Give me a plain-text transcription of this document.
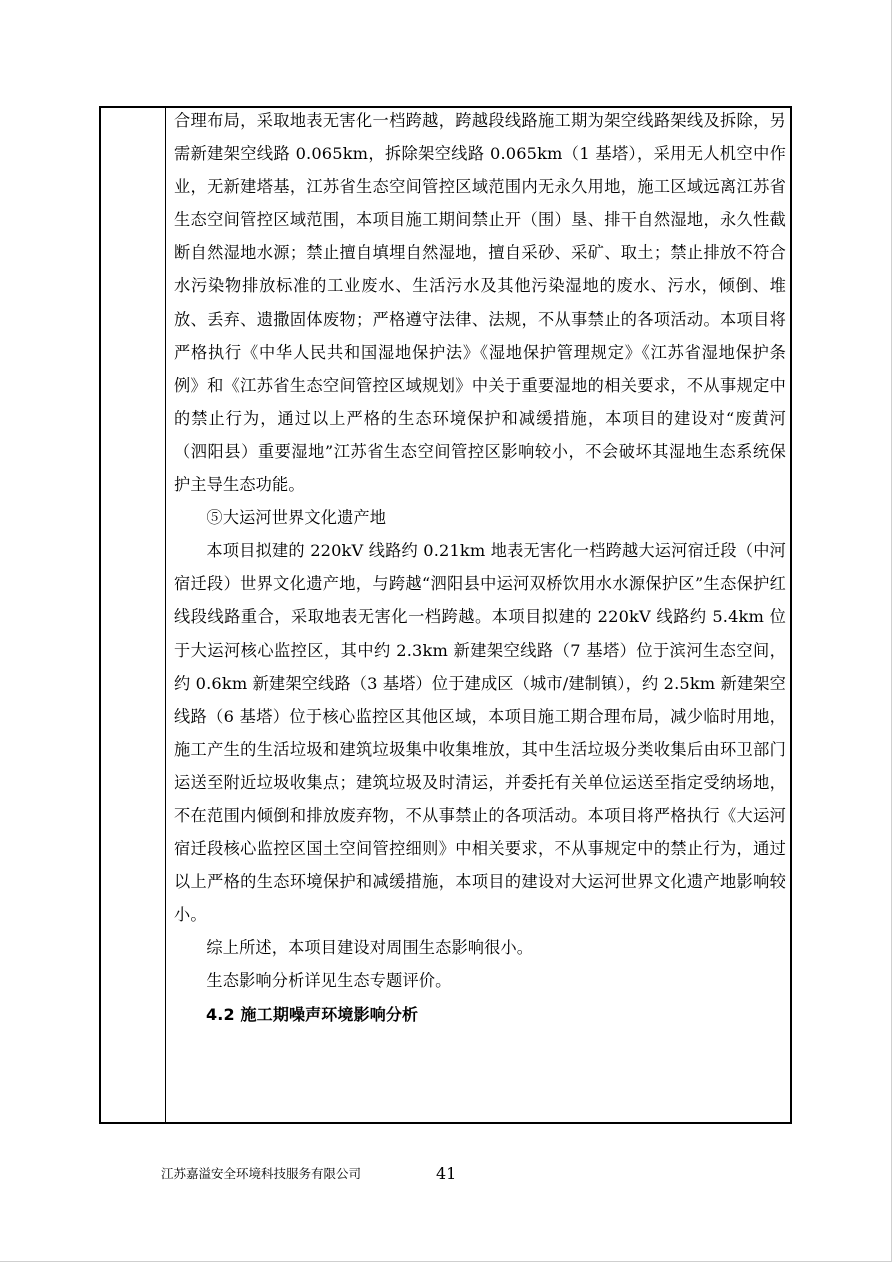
合理布局，采取地表无害化一档跨越，跨越段线路施工期为架空线路架线及拆除，另需新建架空线路 0.065km，拆除架空线路 0.065km（1 基塔），采用无人机空中作业，无新建塔基，江苏省生态空间管控区域范围内无永久用地，施工区域远离江苏省生态空间管控区域范围，本项目施工期间禁止开（围）垦、排干自然湿地，永久性截断自然湿地水源；禁止擅自填埋自然湿地，擅自采砂、采矿、取土；禁止排放不符合水污染物排放标准的工业废水、生活污水及其他污染湿地的废水、污水，倾倒、堆放、丢弃、遗撒固体废物；严格遵守法律、法规，不从事禁止的各项活动。本项目将严格执行《中华人民共和国湿地保护法》《湿地保护管理规定》《江苏省湿地保护条例》和《江苏省生态空间管控区域规划》中关于重要湿地的相关要求，不从事规定中的禁止行为，通过以上严格的生态环境保护和减缓措施，本项目的建设对“废黄河（泗阳县）重要湿地”江苏省生态空间管控区影响较小，不会破坏其湿地生态系统保护主导生态功能。

⑤大运河世界文化遗产地

本项目拟建的 220kV 线路约 0.21km 地表无害化一档跨越大运河宿迁段（中河宿迁段）世界文化遗产地，与跨越“泗阳县中运河双桥饮用水水源保护区”生态保护红线段线路重合，采取地表无害化一档跨越。本项目拟建的 220kV 线路约 5.4km 位于大运河核心监控区，其中约 2.3km 新建架空线路（7 基塔）位于滨河生态空间，约 0.6km 新建架空线路（3 基塔）位于建成区（城市/建制镇），约 2.5km 新建架空线路（6 基塔）位于核心监控区其他区域，本项目施工期合理布局，减少临时用地，施工产生的生活垃圾和建筑垃圾集中收集堆放，其中生活垃圾分类收集后由环卫部门运送至附近垃圾收集点；建筑垃圾及时清运，并委托有关单位运送至指定受纳场地，不在范围内倾倒和排放废弃物，不从事禁止的各项活动。本项目将严格执行《大运河宿迁段核心监控区国土空间管控细则》中相关要求，不从事规定中的禁止行为，通过以上严格的生态环境保护和减缓措施，本项目的建设对大运河世界文化遗产地影响较小。

综上所述，本项目建设对周围生态影响很小。

生态影响分析详见生态专题评价。

4.2 施工期噪声环境影响分析

江苏嘉溢安全环境科技服务有限公司	41
